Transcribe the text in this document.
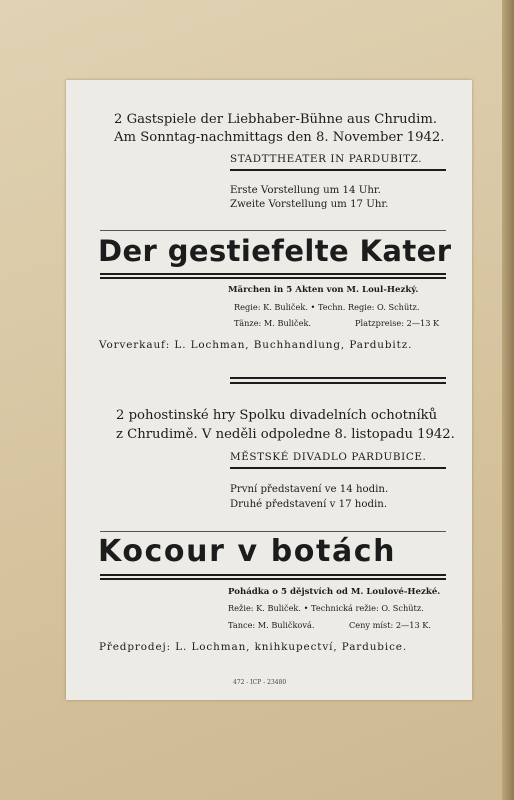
2 Gastspiele der Liebhaber-Bühne aus Chrudim.
Am Sonntag-nachmittags den 8. November 1942.
STADTTHEATER IN PARDUBITZ.
Erste Vorstellung um 14 Uhr.
Zweite Vorstellung um 17 Uhr.
Der gestiefelte Kater
Märchen in 5 Akten von M. Loul-Hezký.
Regie: K. Buliček. • Techn. Regie: O. Schütz.
Tänze: M. Buliček.	Platzpreise: 2—13 K
Vorverkauf: L. Lochman, Buchhandlung, Pardubitz.
2 pohostinské hry Spolku divadelních ochotníků
z Chrudimě. V neděli odpoledne 8. listopadu 1942.
MĚSTSKÉ DIVADLO PARDUBICE.
První představení ve 14 hodin.
Druhé představení v 17 hodin.
Kocour v botách
Pohádka o 5 dějstvích od M. Loulové-Hezké.
Režie: K. Buliček. • Technická režie: O. Schütz.
Tance: M. Buličková.	Ceny míst: 2—13 K.
Předprodej: L. Lochman, knihkupectví, Pardubice.
472 - ICP - 23480
